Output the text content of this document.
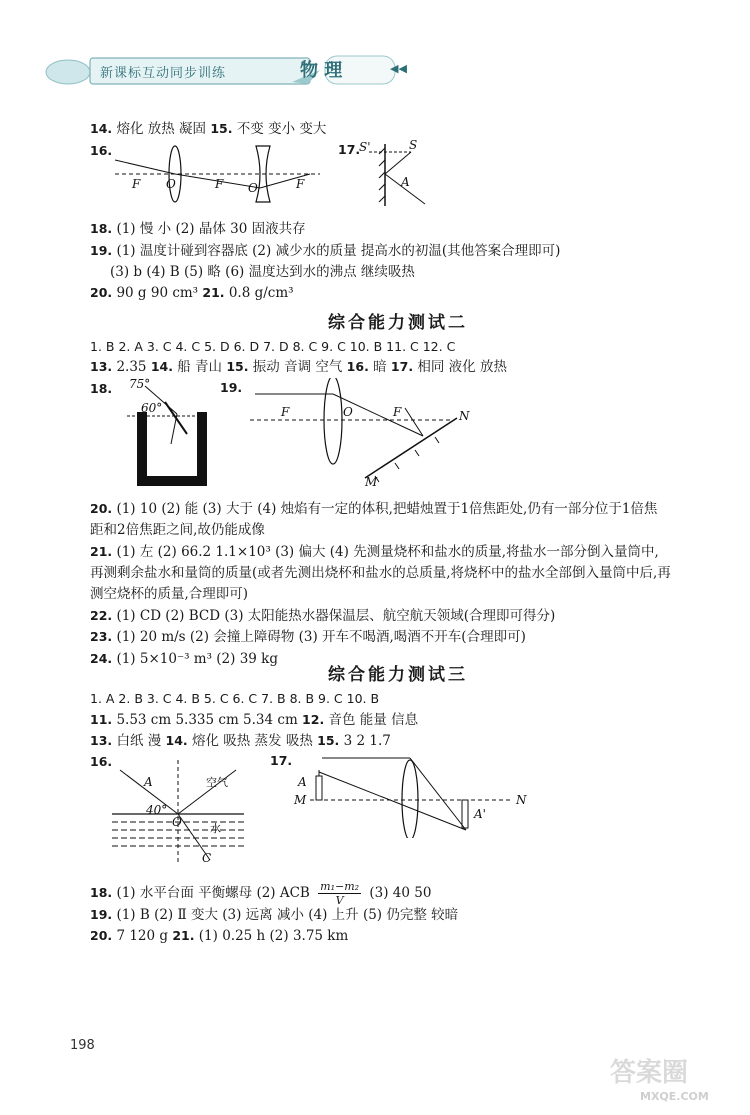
新课标互动同步训练	物 理	◀◀
14. 熔化 放热 凝固 15. 不变 变小 变大
16.
F O	F O	F
17.
S'	S
A
18. (1) 慢 小 (2) 晶体 30 固液共存
19. (1) 温度计碰到容器底 (2) 减少水的质量 提高水的初温(其他答案合理即可)
(3) b (4) B (5) 略 (6) 温度达到水的沸点 继续吸热
20. 90 g 90 cm³ 21. 0.8 g/cm³
综合能力测试二
1. B 2. A 3. C 4. C 5. D 6. D 7. D 8. C 9. C 10. B 11. C 12. C
13. 2.35 14. 船 青山 15. 振动 音调 空气 16. 暗 17. 相同 液化 放热
18. 75°
60°
19.
F	O	F	N
M
20. (1) 10 (2) 能 (3) 大于 (4) 烛焰有一定的体积,把蜡烛置于1倍焦距处,仍有一部分位于1倍焦
距和2倍焦距之间,故仍能成像
21. (1) 左 (2) 66.2 1.1×10³ (3) 偏大 (4) 先测量烧杯和盐水的质量,将盐水一部分倒入量筒中,
再测剩余盐水和量筒的质量(或者先测出烧杯和盐水的总质量,将烧杯中的盐水全部倒入量筒中后,再
测空烧杯的质量,合理即可)
22. (1) CD (2) BCD (3) 太阳能热水器保温层、航空航天领域(合理即可得分)
23. (1) 20 m/s (2) 会撞上障碍物 (3) 开车不喝酒,喝酒不开车(合理即可)
24. (1) 5×10⁻³ m³ (2) 39 kg
综合能力测试三
1. A 2. B 3. C 4. B 5. C 6. C 7. B 8. B 9. C 10. B
11. 5.53 cm 5.335 cm 5.34 cm 12. 音色 能量 信息
13. 白纸 漫 14. 熔化 吸热 蒸发 吸热 15. 3 2 1.7
16.
A	空气
40°
O	水
C
17.
A
M	N
A'
18. (1) 水平台面 平衡螺母 (2) ACB $\frac{\text{m₁−m₂}}{V} (3)$ 40 50
19. (1) B (2) Ⅱ 变大 (3) 远离 减小 (4) 上升 (5) 仍完整 较暗
20. 7 120 g 21. (1) 0.25 h (2) 3.75 km
198
答案圈
MXQE.COM
